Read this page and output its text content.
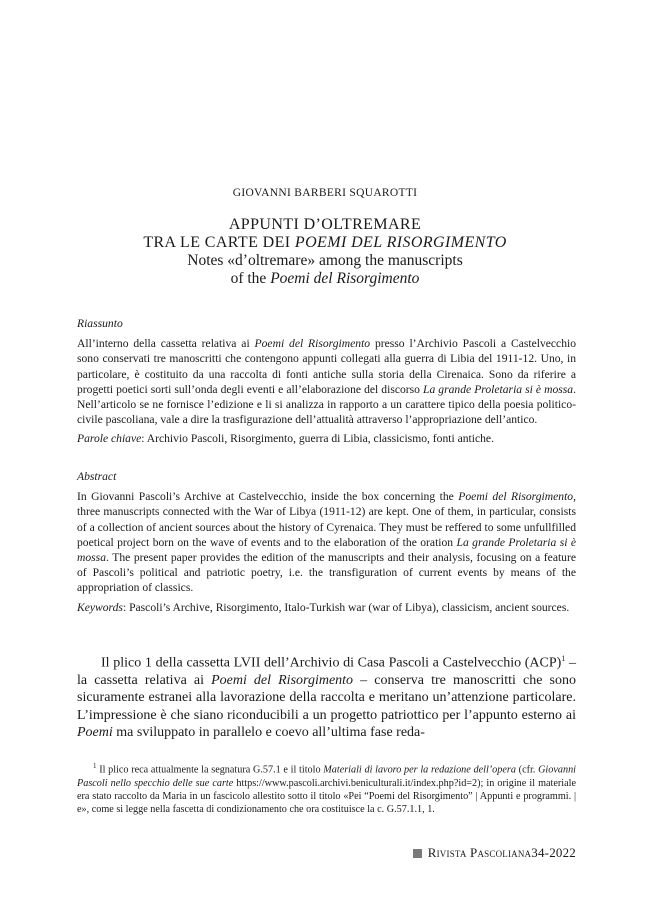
GIOVANNI BARBERI SQUAROTTI
APPUNTI D’OLTREMARE
TRA LE CARTE DEI POEMI DEL RISORGIMENTO
Notes «d’oltremare» among the manuscripts
of the Poemi del Risorgimento
Riassunto

All’interno della cassetta relativa ai Poemi del Risorgimento presso l’Archivio Pascoli a Castelvecchio sono conservati tre manoscritti che contengono appunti collegati alla guerra di Libia del 1911-12. Uno, in particolare, è costituito da una raccolta di fonti antiche sulla storia della Cirenaica. Sono da riferire a progetti poetici sorti sull’onda degli eventi e all’elaborazione del discorso La grande Proletaria si è mossa. Nell’articolo se ne fornisce l’edizione e li si analizza in rapporto a un carattere tipico della poesia politico-civile pascoliana, vale a dire la trasfigurazione dell’attualità attraverso l’appropriazione dell’antico.

Parole chiave: Archivio Pascoli, Risorgimento, guerra di Libia, classicismo, fonti antiche.

Abstract

In Giovanni Pascoli’s Archive at Castelvecchio, inside the box concerning the Poemi del Risorgimento, three manuscripts connected with the War of Libya (1911-12) are kept. One of them, in particular, consists of a collection of ancient sources about the history of Cyrenaica. They must be reffered to some unfullfilled poetical project born on the wave of events and to the elaboration of the oration La grande Proletaria si è mossa. The present paper provides the edition of the manuscripts and their analysis, focusing on a feature of Pascoli’s political and patriotic poetry, i.e. the transfiguration of current events by means of the appropriation of classics.

Keywords: Pascoli’s Archive, Risorgimento, Italo-Turkish war (war of Libya), classicism, ancient sources.

Il plico 1 della cassetta LVII dell’Archivio di Casa Pascoli a Castelvecchio (ACP)$^1$ – la cassetta relativa ai Poemi del Risorgimento – conserva tre manoscritti che sono sicuramente estranei alla lavorazione della raccolta e meritano un’attenzione particolare. L’impressione è che siano riconducibili a un progetto patriottico per l’appunto esterno ai Poemi ma sviluppato in parallelo e coevo all’ultima fase reda-

$^1$ Il plico reca attualmente la segnatura G.57.1 e il titolo Materiali di lavoro per la redazione dell’opera (cfr. Giovanni Pascoli nello specchio delle sue carte https://www.pascoli.archivi.beniculturali.it/index.php?id=2); in origine il materiale era stato raccolto da Maria in un fascicolo allestito sotto il titolo «Pei “Poemi del Risorgimento” | Appunti e programmi. | e», come si legge nella fascetta di condizionamento che ora costituisce la c. G.57.1.1, 1.

Rivista Pascoliana 34-2022
